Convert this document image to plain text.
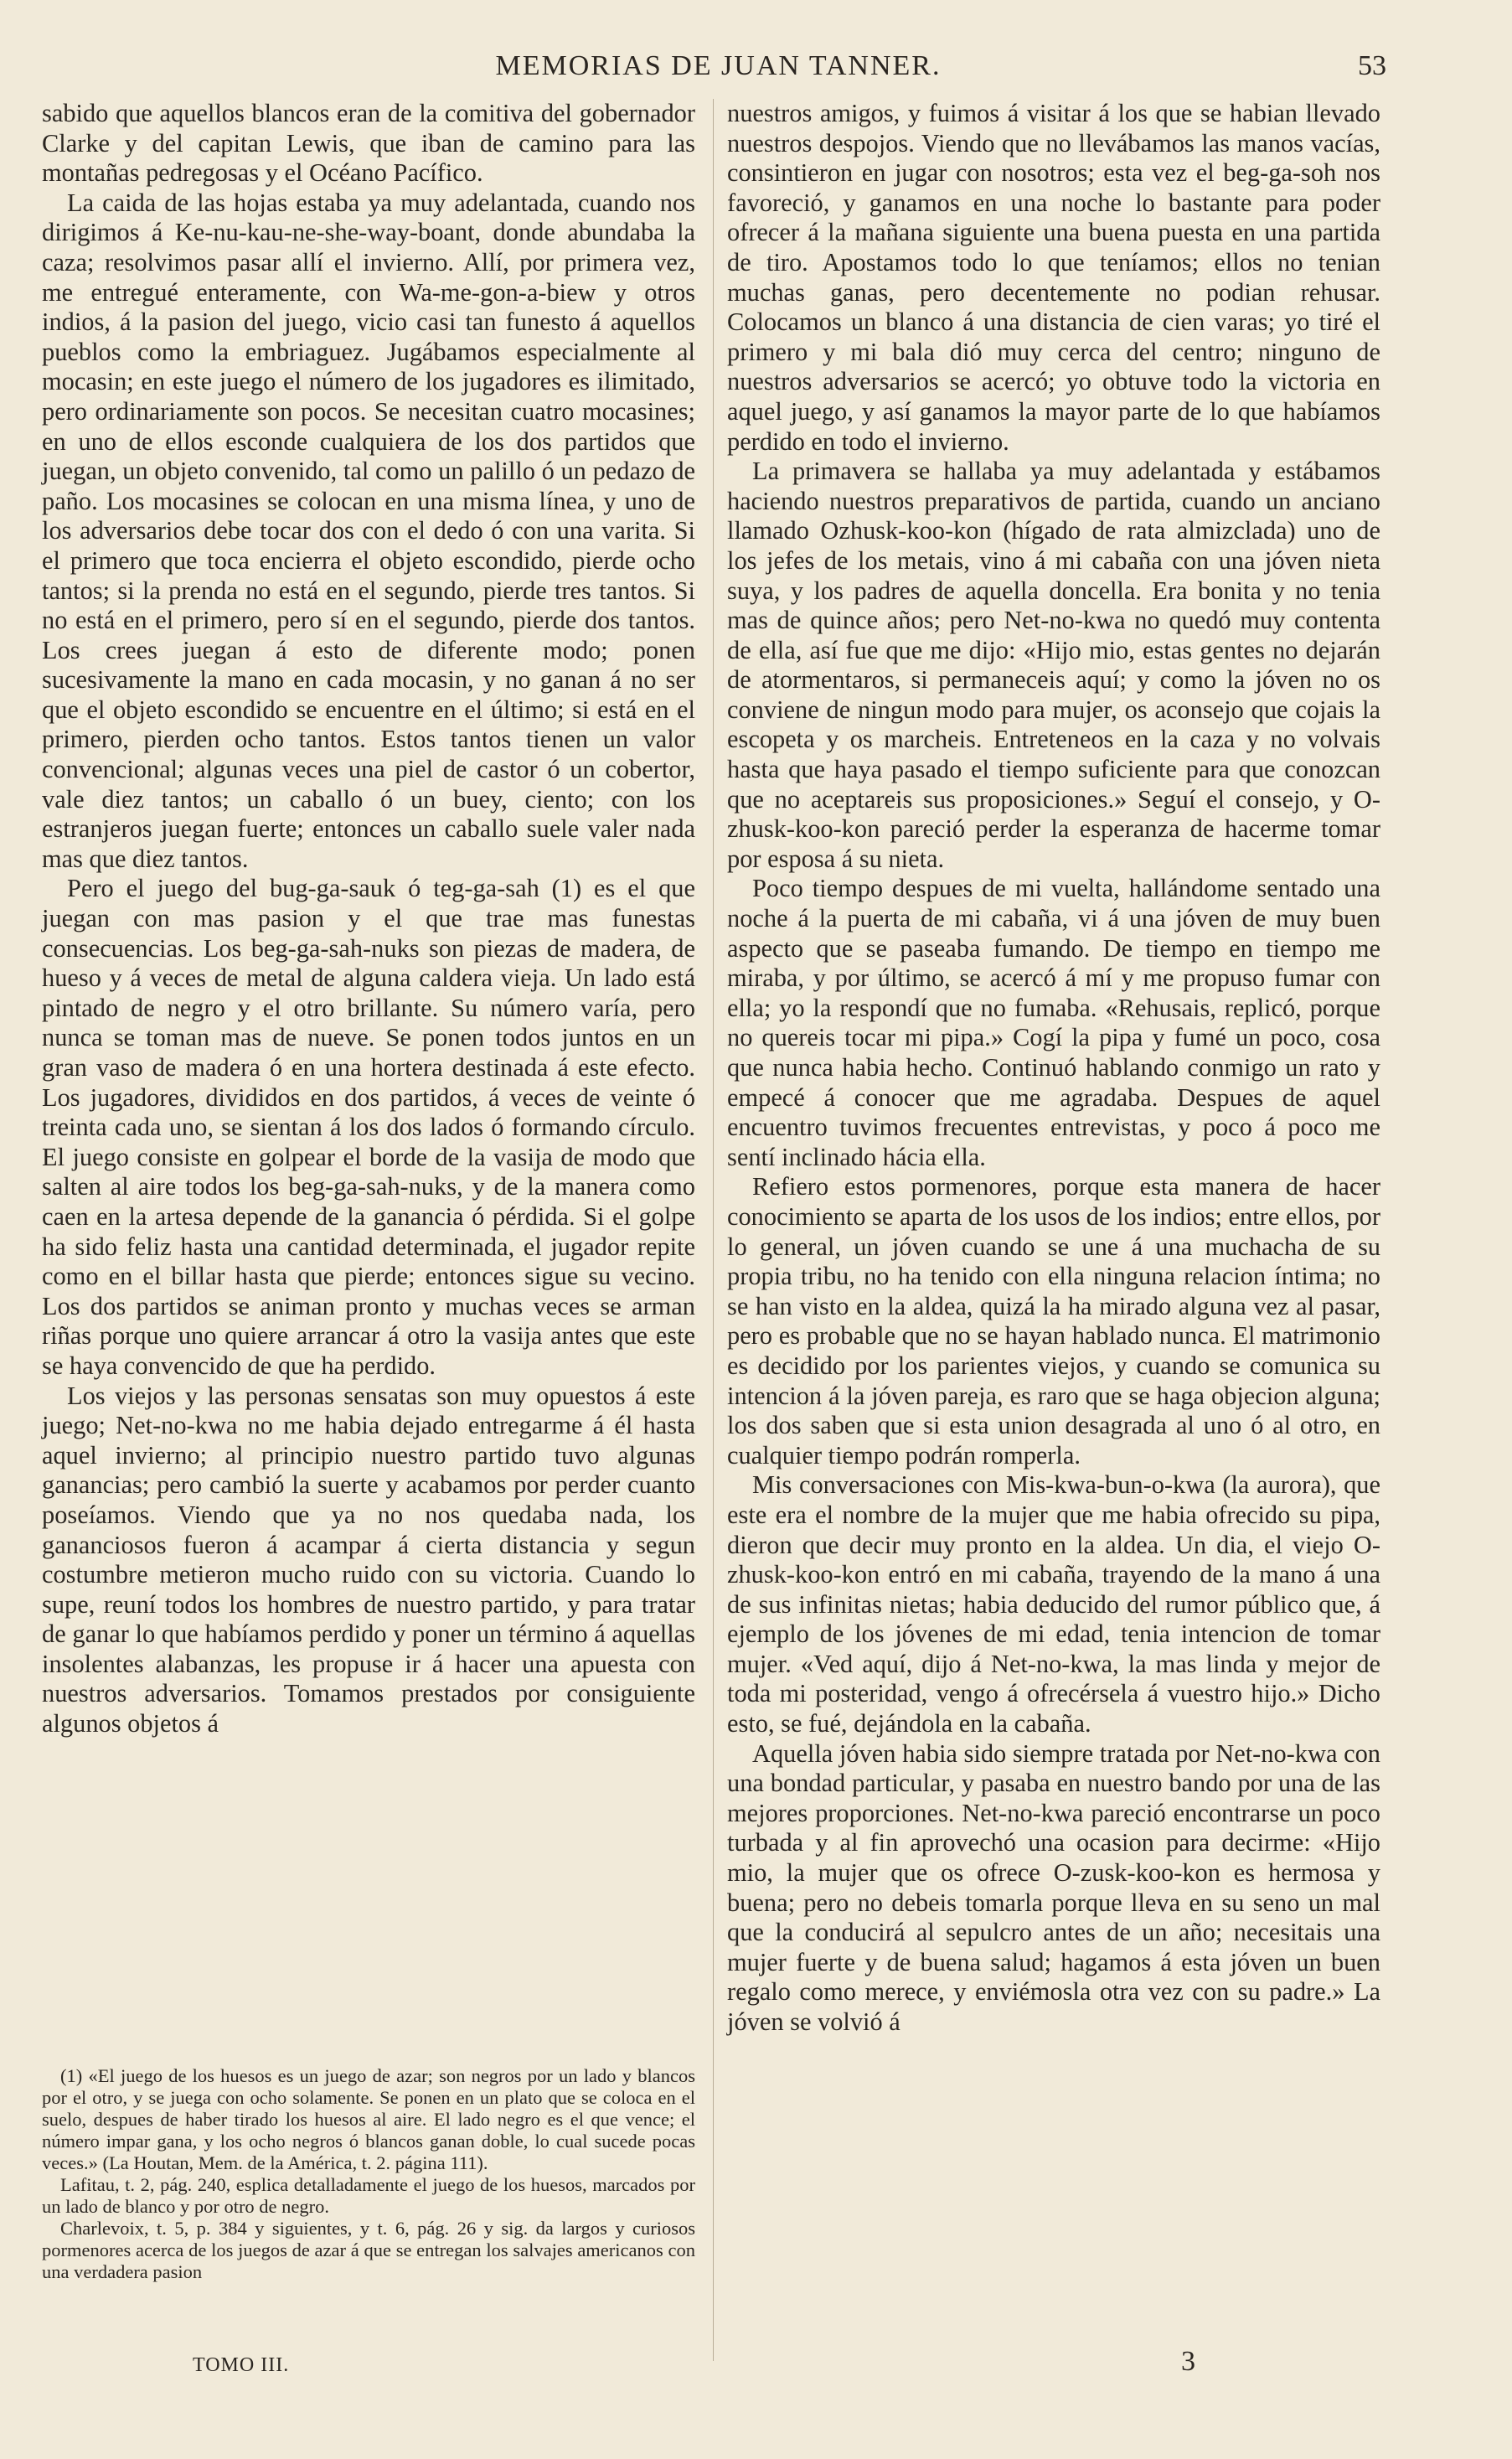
MEMORIAS DE JUAN TANNER.	53

sabido que aquellos blancos eran de la comitiva del gobernador Clarke y del capitan Lewis, que iban de camino para las montañas pedregosas y el Océano Pacífico.

La caida de las hojas estaba ya muy adelantada, cuando nos dirigimos á Ke-nu-kau-ne-she-way-boant, donde abundaba la caza; resolvimos pasar allí el invierno. Allí, por primera vez, me entregué enteramente, con Wa-me-gon-a-biew y otros indios, á la pasion del juego, vicio casi tan funesto á aquellos pueblos como la embriaguez. Jugábamos especialmente al mocasin; en este juego el número de los jugadores es ilimitado, pero ordinariamente son pocos. Se necesitan cuatro mocasines; en uno de ellos esconde cualquiera de los dos partidos que juegan, un objeto convenido, tal como un palillo ó un pedazo de paño. Los mocasines se colocan en una misma línea, y uno de los adversarios debe tocar dos con el dedo ó con una varita. Si el primero que toca encierra el objeto escondido, pierde ocho tantos; si la prenda no está en el segundo, pierde tres tantos. Si no está en el primero, pero sí en el segundo, pierde dos tantos. Los crees juegan á esto de diferente modo; ponen sucesivamente la mano en cada mocasin, y no ganan á no ser que el objeto escondido se encuentre en el último; si está en el primero, pierden ocho tantos. Estos tantos tienen un valor convencional; algunas veces una piel de castor ó un cobertor, vale diez tantos; un caballo ó un buey, ciento; con los estranjeros juegan fuerte; entonces un caballo suele valer nada mas que diez tantos.

Pero el juego del bug-ga-sauk ó teg-ga-sah (1) es el que juegan con mas pasion y el que trae mas funestas consecuencias. Los beg-ga-sah-nuks son piezas de madera, de hueso y á veces de metal de alguna caldera vieja. Un lado está pintado de negro y el otro brillante. Su número varía, pero nunca se toman mas de nueve. Se ponen todos juntos en un gran vaso de madera ó en una hortera destinada á este efecto. Los jugadores, divididos en dos partidos, á veces de veinte ó treinta cada uno, se sientan á los dos lados ó formando círculo. El juego consiste en golpear el borde de la vasija de modo que salten al aire todos los beg-ga-sah-nuks, y de la manera como caen en la artesa depende de la ganancia ó pérdida. Si el golpe ha sido feliz hasta una cantidad determinada, el jugador repite como en el billar hasta que pierde; entonces sigue su vecino. Los dos partidos se animan pronto y muchas veces se arman riñas porque uno quiere arrancar á otro la vasija antes que este se haya convencido de que ha perdido.

Los viejos y las personas sensatas son muy opuestos á este juego; Net-no-kwa no me habia dejado entregarme á él hasta aquel invierno; al principio nuestro partido tuvo algunas ganancias; pero cambió la suerte y acabamos por perder cuanto poseíamos. Viendo que ya no nos quedaba nada, los gananciosos fueron á acampar á cierta distancia y segun costumbre metieron mucho ruido con su victoria. Cuando lo supe, reuní todos los hombres de nuestro partido, y para tratar de ganar lo que habíamos perdido y poner un término á aquellas insolentes alabanzas, les propuse ir á hacer una apuesta con nuestros adversarios. Tomamos prestados por consiguiente algunos objetos á

nuestros amigos, y fuimos á visitar á los que se habian llevado nuestros despojos. Viendo que no llevábamos las manos vacías, consintieron en jugar con nosotros; esta vez el beg-ga-soh nos favoreció, y ganamos en una noche lo bastante para poder ofrecer á la mañana siguiente una buena puesta en una partida de tiro. Apostamos todo lo que teníamos; ellos no tenian muchas ganas, pero decentemente no podian rehusar. Colocamos un blanco á una distancia de cien varas; yo tiré el primero y mi bala dió muy cerca del centro; ninguno de nuestros adversarios se acercó; yo obtuve todo la victoria en aquel juego, y así ganamos la mayor parte de lo que habíamos perdido en todo el invierno.

La primavera se hallaba ya muy adelantada y estábamos haciendo nuestros preparativos de partida, cuando un anciano llamado Ozhusk-koo-kon (hígado de rata almizclada) uno de los jefes de los metais, vino á mi cabaña con una jóven nieta suya, y los padres de aquella doncella. Era bonita y no tenia mas de quince años; pero Net-no-kwa no quedó muy contenta de ella, así fue que me dijo: «Hijo mio, estas gentes no dejarán de atormentaros, si permaneceis aquí; y como la jóven no os conviene de ningun modo para mujer, os aconsejo que cojais la escopeta y os marcheis. Entreteneos en la caza y no volvais hasta que haya pasado el tiempo suficiente para que conozcan que no aceptareis sus proposiciones.» Seguí el consejo, y O-zhusk-koo-kon pareció perder la esperanza de hacerme tomar por esposa á su nieta.

Poco tiempo despues de mi vuelta, hallándome sentado una noche á la puerta de mi cabaña, vi á una jóven de muy buen aspecto que se paseaba fumando. De tiempo en tiempo me miraba, y por último, se acercó á mí y me propuso fumar con ella; yo la respondí que no fumaba. «Rehusais, replicó, porque no quereis tocar mi pipa.» Cogí la pipa y fumé un poco, cosa que nunca habia hecho. Continuó hablando conmigo un rato y empecé á conocer que me agradaba. Despues de aquel encuentro tuvimos frecuentes entrevistas, y poco á poco me sentí inclinado hácia ella.

Refiero estos pormenores, porque esta manera de hacer conocimiento se aparta de los usos de los indios; entre ellos, por lo general, un jóven cuando se une á una muchacha de su propia tribu, no ha tenido con ella ninguna relacion íntima; no se han visto en la aldea, quizá la ha mirado alguna vez al pasar, pero es probable que no se hayan hablado nunca. El matrimonio es decidido por los parientes viejos, y cuando se comunica su intencion á la jóven pareja, es raro que se haga objecion alguna; los dos saben que si esta union desagrada al uno ó al otro, en cualquier tiempo podrán romperla.

Mis conversaciones con Mis-kwa-bun-o-kwa (la aurora), que este era el nombre de la mujer que me habia ofrecido su pipa, dieron que decir muy pronto en la aldea. Un dia, el viejo O-zhusk-koo-kon entró en mi cabaña, trayendo de la mano á una de sus infinitas nietas; habia deducido del rumor público que, á ejemplo de los jóvenes de mi edad, tenia intencion de tomar mujer. «Ved aquí, dijo á Net-no-kwa, la mas linda y mejor de toda mi posteridad, vengo á ofrecérsela á vuestro hijo.» Dicho esto, se fué, dejándola en la cabaña.

Aquella jóven habia sido siempre tratada por Net-no-kwa con una bondad particular, y pasaba en nuestro bando por una de las mejores proporciones. Net-no-kwa pareció encontrarse un poco turbada y al fin aprovechó una ocasion para decirme: «Hijo mio, la mujer que os ofrece O-zusk-koo-kon es hermosa y buena; pero no debeis tomarla porque lleva en su seno un mal que la conducirá al sepulcro antes de un año; necesitais una mujer fuerte y de buena salud; hagamos á esta jóven un buen regalo como merece, y enviémosla otra vez con su padre.» La jóven se volvió á

(1) «El juego de los huesos es un juego de azar; son negros por un lado y blancos por el otro, y se juega con ocho solamente. Se ponen en un plato que se coloca en el suelo, despues de haber tirado los huesos al aire. El lado negro es el que vence; el número impar gana, y los ocho negros ó blancos ganan doble, lo cual sucede pocas veces.» (La Houtan, Mem. de la América, t. 2. página 111).

Lafitau, t. 2, pág. 240, esplica detalladamente el juego de los huesos, marcados por un lado de blanco y por otro de negro.

Charlevoix, t. 5, p. 384 y siguientes, y t. 6, pág. 26 y sig. da largos y curiosos pormenores acerca de los juegos de azar á que se entregan los salvajes americanos con una verdadera pasion

TOMO III.	3
